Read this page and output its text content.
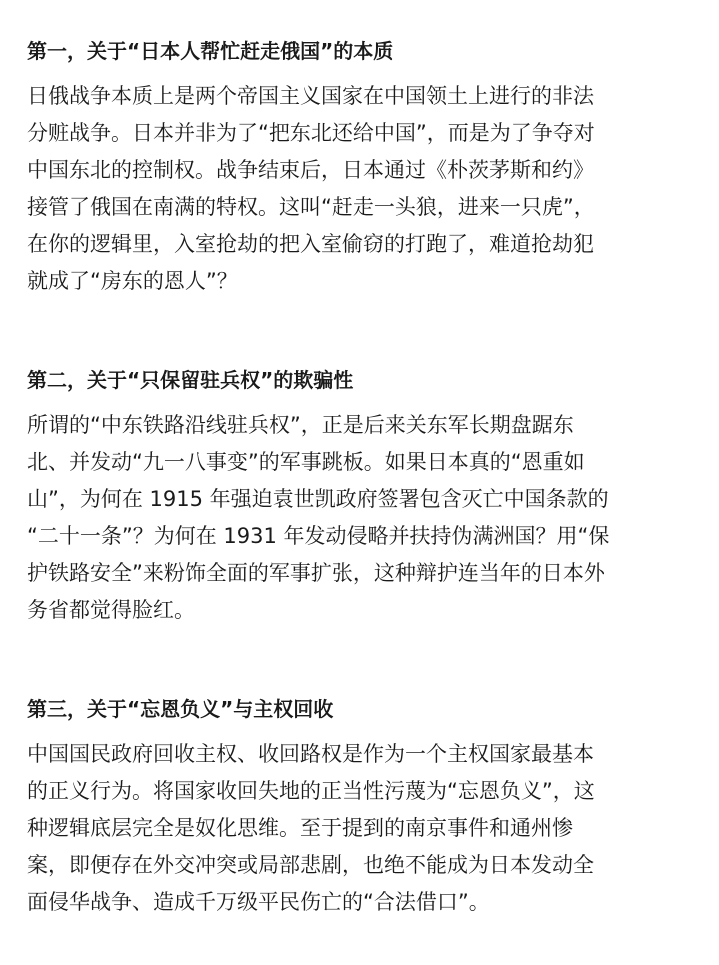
第一，关于“日本人帮忙赶走俄国”的本质
日俄战争本质上是两个帝国主义国家在中国领土上进行的非法
分赃战争。日本并非为了“把东北还给中国”，而是为了争夺对
中国东北的控制权。战争结束后，日本通过《朴茨茅斯和约》
接管了俄国在南满的特权。这叫“赶走一头狼，进来一只虎”，
在你的逻辑里，入室抢劫的把入室偷窃的打跑了，难道抢劫犯
就成了“房东的恩人”？
第二，关于“只保留驻兵权”的欺骗性
所谓的“中东铁路沿线驻兵权”，正是后来关东军长期盘踞东
北、并发动“九一八事变”的军事跳板。如果日本真的“恩重如
山”，为何在 1915 年强迫袁世凯政府签署包含灭亡中国条款的
“二十一条”？为何在 1931 年发动侵略并扶持伪满洲国？用“保
护铁路安全”来粉饰全面的军事扩张，这种辩护连当年的日本外
务省都觉得脸红。
第三，关于“忘恩负义”与主权回收
中国国民政府回收主权、收回路权是作为一个主权国家最基本
的正义行为。将国家收回失地的正当性污蔑为“忘恩负义”，这
种逻辑底层完全是奴化思维。至于提到的南京事件和通州惨
案，即便存在外交冲突或局部悲剧，也绝不能成为日本发动全
面侵华战争、造成千万级平民伤亡的“合法借口”。
